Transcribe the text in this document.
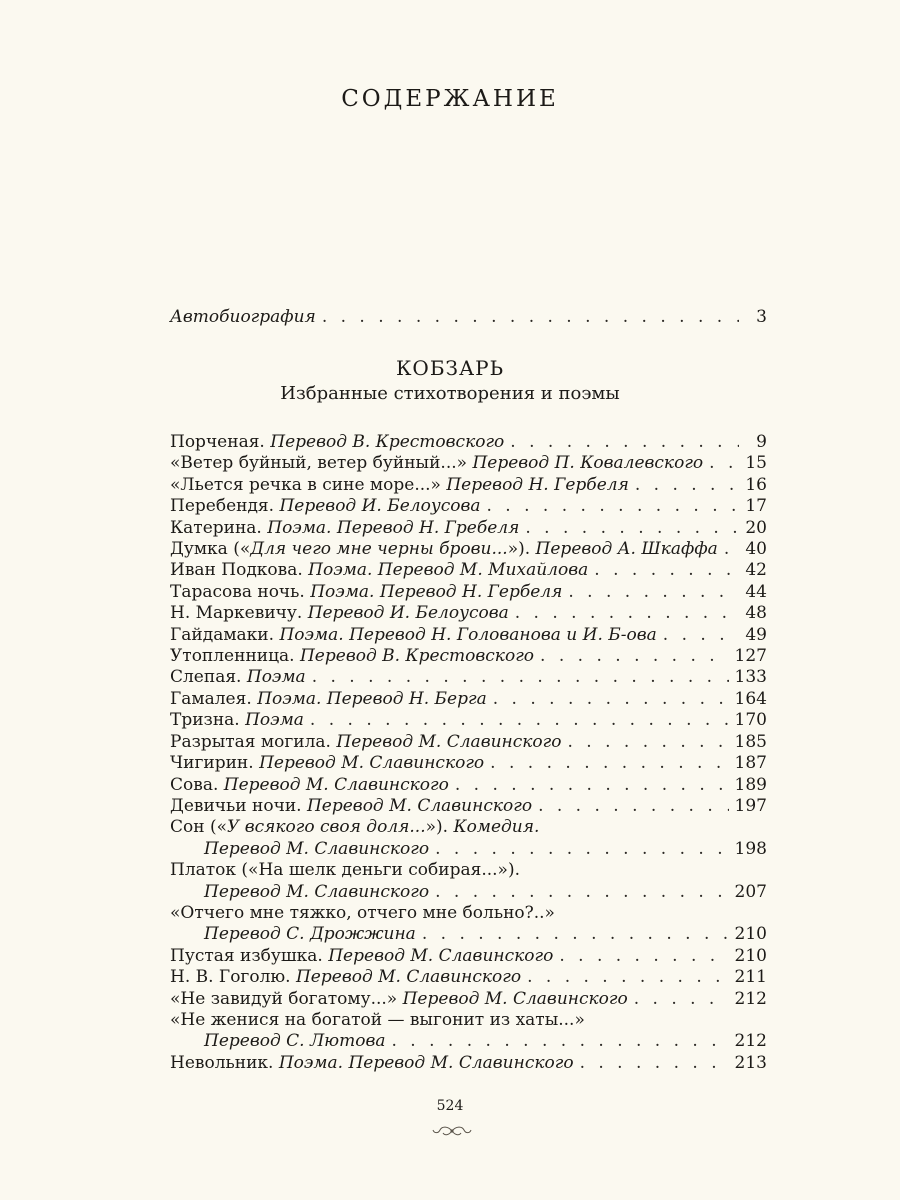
СОДЕРЖАНИЕ
Автобиография . . .	3
КОБЗАРЬ
Избранные стихотворения и поэмы
Порченая. Перевод В. Крестовского . . .	9
«Ветер буйный, ветер буйный...» Перевод П. Ковалевского . . . 15
«Льется речка в сине море...» Перевод Н. Гербеля . . .	16
Перебендя. Перевод И. Белоусова . . .	17
Катерина. Поэма. Перевод Н. Гребеля . . .	20
Думка («Для чего мне черны брови...»). Перевод А. Шкаффа . . . 40
Иван Подкова. Поэма. Перевод М. Михайлова . . .	42
Тарасова ночь. Поэма. Перевод Н. Гербеля . . .	44
Н. Маркевичу. Перевод И. Белоусова . . .	48
Гайдамаки. Поэма. Перевод Н. Голованова и И. Б-ова . . .	49
Утопленница. Перевод В. Крестовского . . .	127
Слепая. Поэма . . .	133
Гамалея. Поэма. Перевод Н. Берга . . .	164
Тризна. Поэма . . .	170
Разрытая могила. Перевод М. Славинского . . .	185
Чигирин. Перевод М. Славинского . . .	187
Сова. Перевод М. Славинского . . .	189
Девичьи ночи. Перевод М. Славинского . . .	197
Сон («У всякого своя доля...»). Комедия.
Перевод М. Славинского . . .	198
Платок («На шелк деньги собирая...»).
Перевод М. Славинского . . .	207
«Отчего мне тяжко, отчего мне больно?..»
Перевод С. Дрожжина . . .	210
Пустая избушка. Перевод М. Славинского . . .	210
Н. В. Гоголю. Перевод М. Славинского . . .	211
«Не завидуй богатому...» Перевод М. Славинского . . .	212
«Не женися на богатой — выгонит из хаты...»
Перевод С. Лютова . . .	212
Невольник. Поэма. Перевод М. Славинского . . .	213
524
